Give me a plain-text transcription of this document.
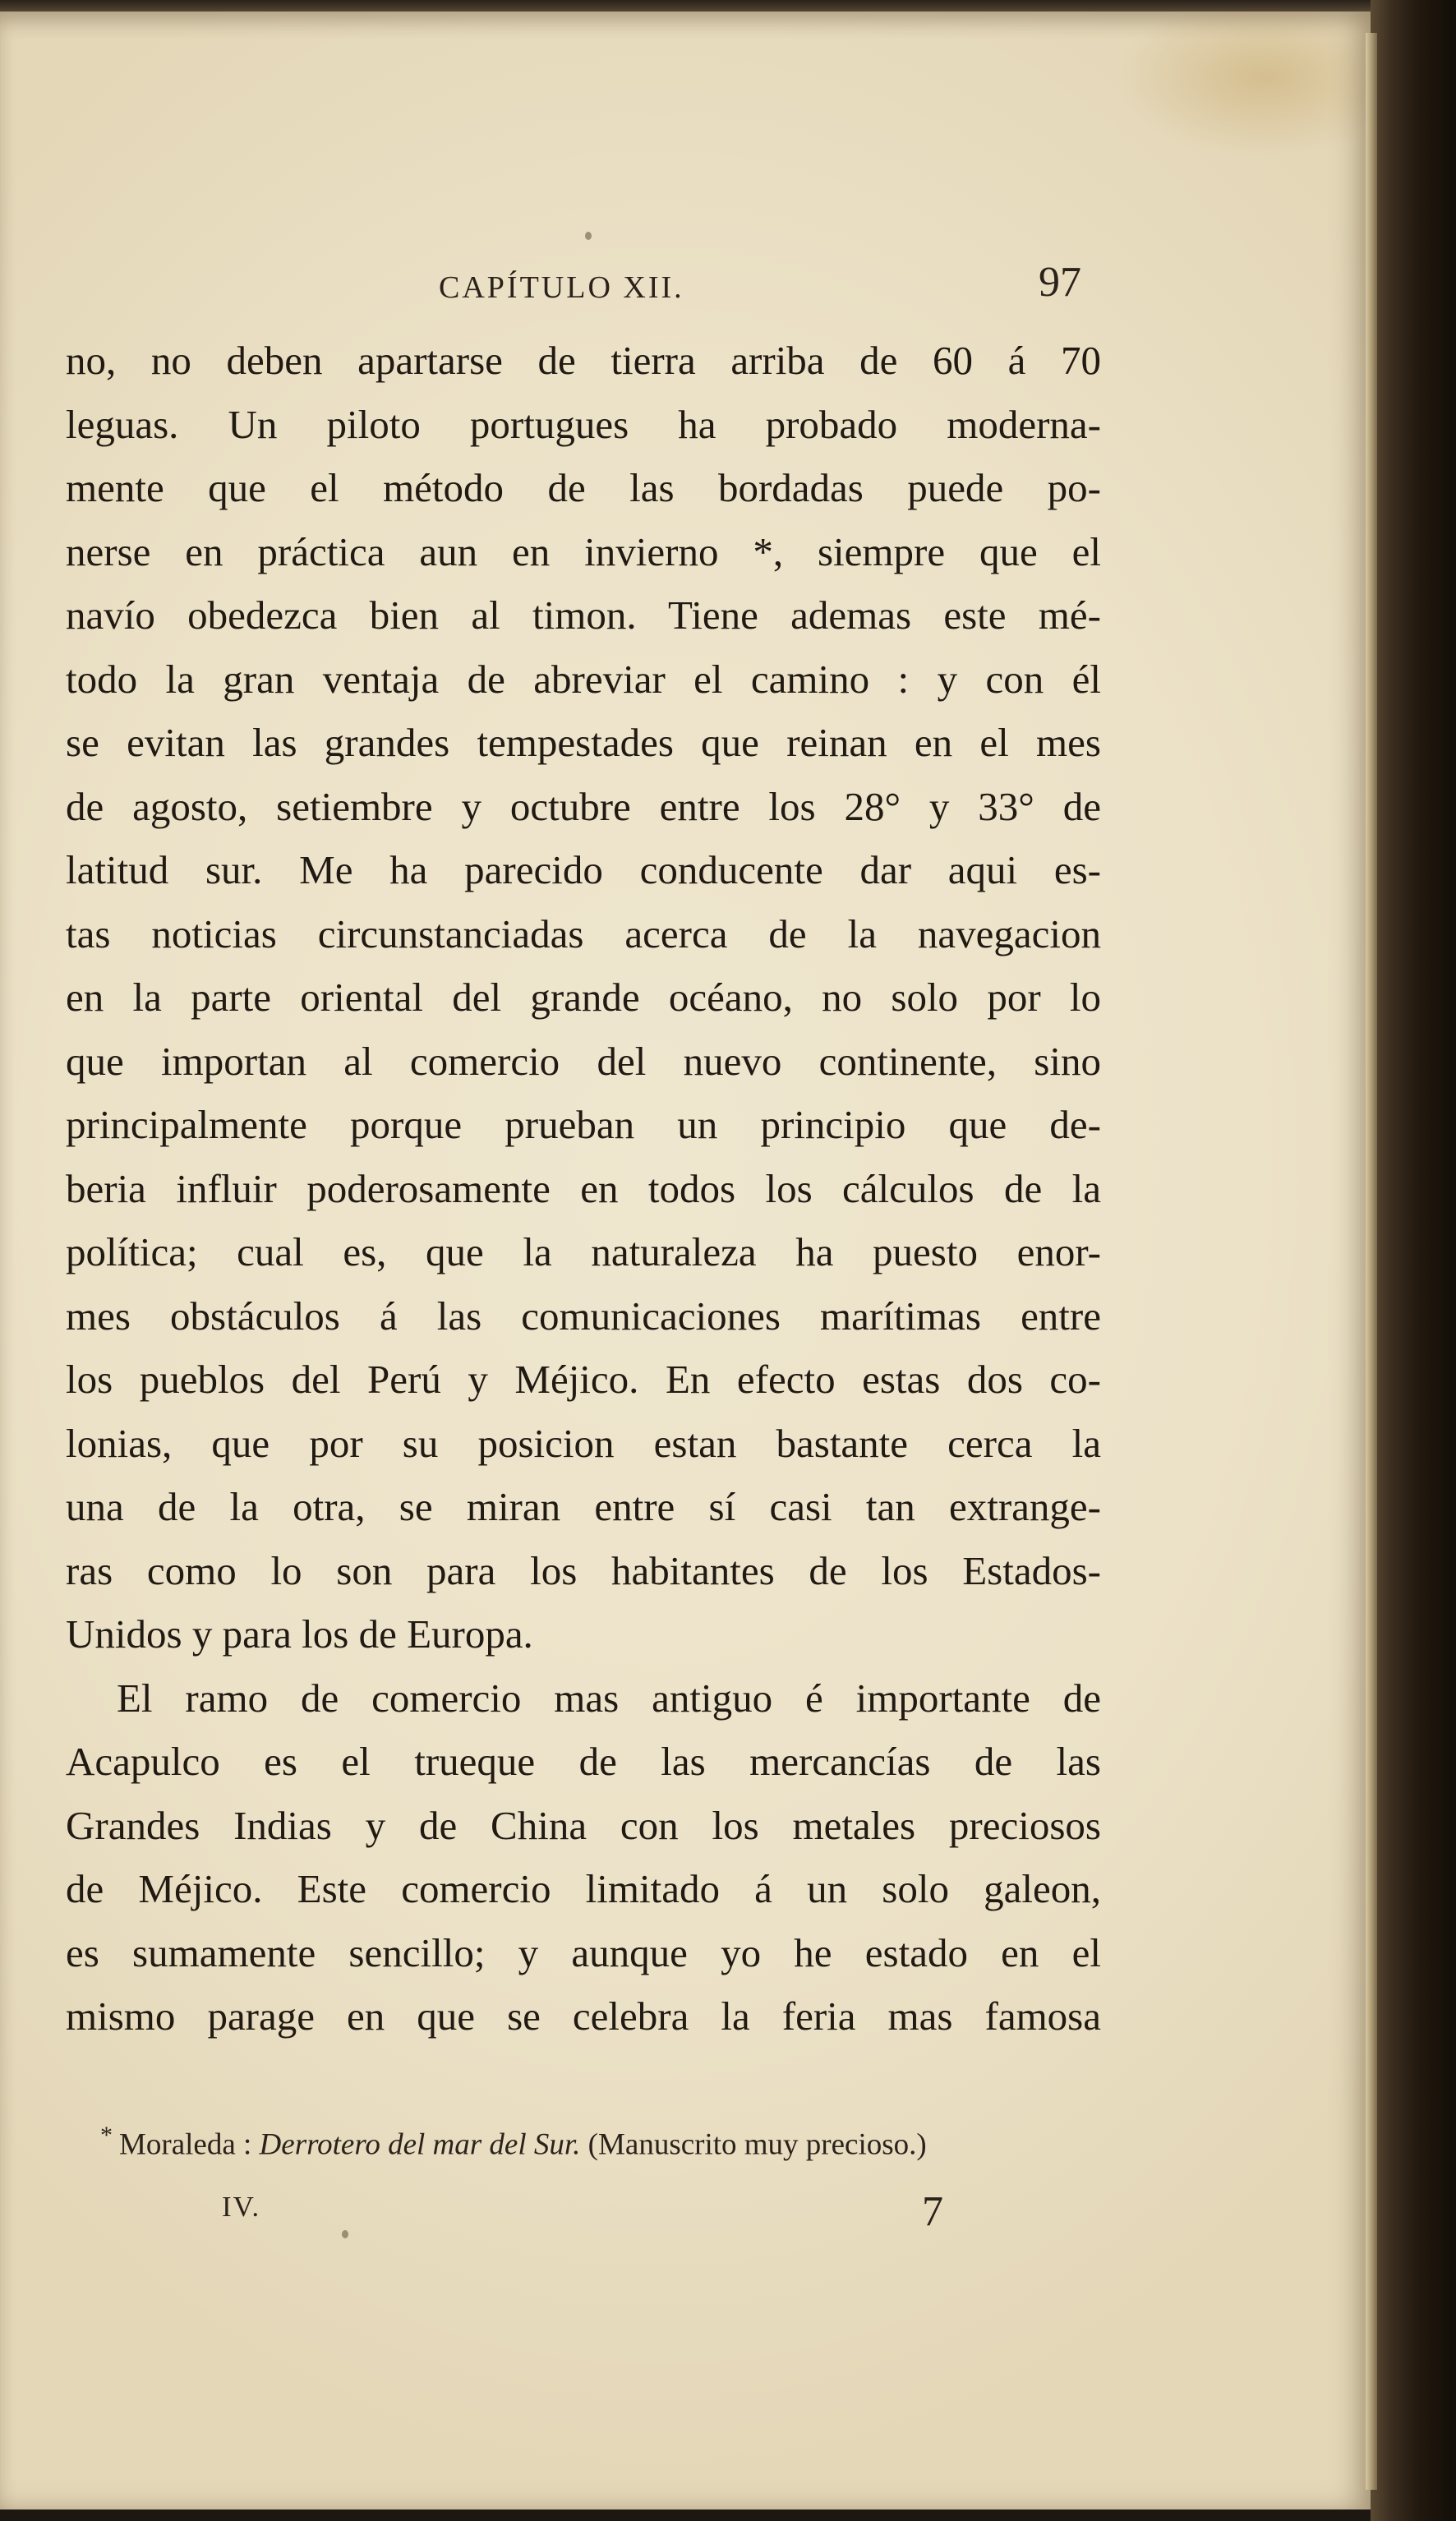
CAPÍTULO XII.	97
no, no deben apartarse de tierra arriba de 60 á 70
leguas. Un piloto portugues ha probado moderna-
mente que el método de las bordadas puede po-
nerse en práctica aun en invierno *, siempre que el
navío obedezca bien al timon. Tiene ademas este mé-
todo la gran ventaja de abreviar el camino : y con él
se evitan las grandes tempestades que reinan en el mes
de agosto, setiembre y octubre entre los 28° y 33° de
latitud sur. Me ha parecido conducente dar aqui es-
tas noticias circunstanciadas acerca de la navegacion
en la parte oriental del grande océano, no solo por lo
que importan al comercio del nuevo continente, sino
principalmente porque prueban un principio que de-
beria influir poderosamente en todos los cálculos de la
política; cual es, que la naturaleza ha puesto enor-
mes obstáculos á las comunicaciones marítimas entre
los pueblos del Perú y Méjico. En efecto estas dos co-
lonias, que por su posicion estan bastante cerca la
una de la otra, se miran entre sí casi tan extrange-
ras como lo son para los habitantes de los Estados-
Unidos y para los de Europa.
El ramo de comercio mas antiguo é importante de
Acapulco es el trueque de las mercancías de las
Grandes Indias y de China con los metales preciosos
de Méjico. Este comercio limitado á un solo galeon,
es sumamente sencillo; y aunque yo he estado en el
mismo parage en que se celebra la feria mas famosa
* Moraleda : Derrotero del mar del Sur. (Manuscrito muy precioso.)
IV.	7
